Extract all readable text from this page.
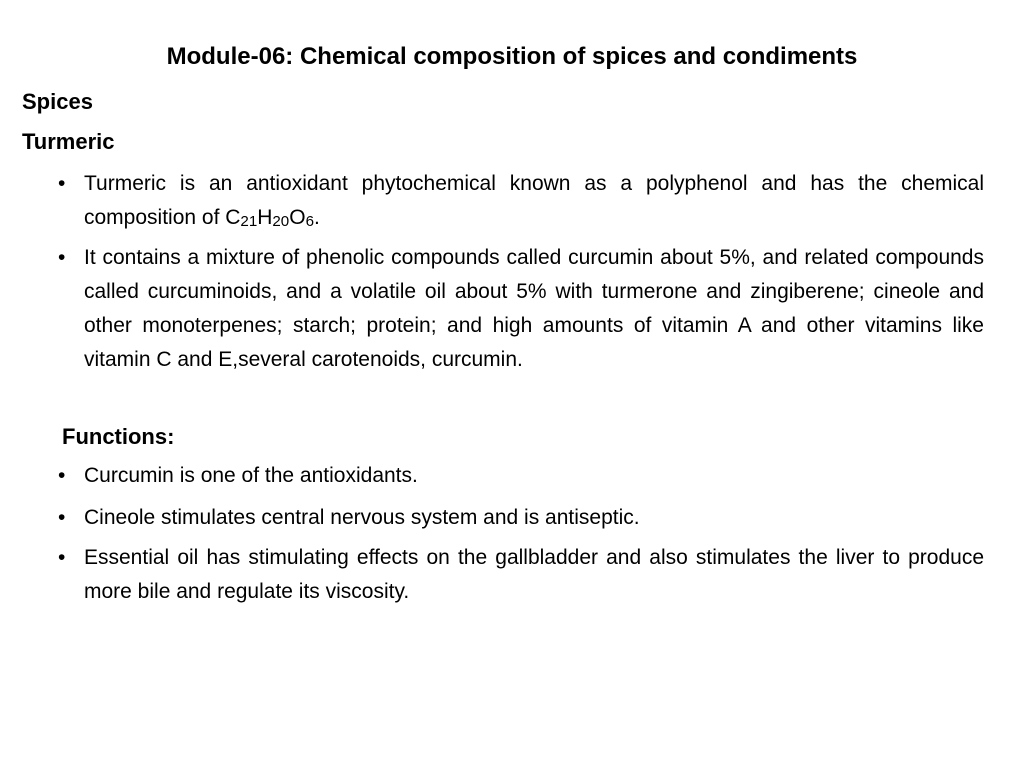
Module-06: Chemical composition of spices and condiments
Spices
Turmeric
• Turmeric is an antioxidant phytochemical known as a polyphenol and has the chemical composition of C21H20O6.
• It contains a mixture of phenolic compounds called curcumin about 5%, and related compounds called curcuminoids, and a volatile oil about 5% with turmerone and zingiberene; cineole and other monoterpenes; starch; protein; and high amounts of vitamin A and other vitamins like vitamin C and E,several carotenoids, curcumin.
Functions:
• Curcumin is one of the antioxidants.
• Cineole stimulates central nervous system and is antiseptic.
• Essential oil has stimulating effects on the gallbladder and also stimulates the liver to produce more bile and regulate its viscosity.
